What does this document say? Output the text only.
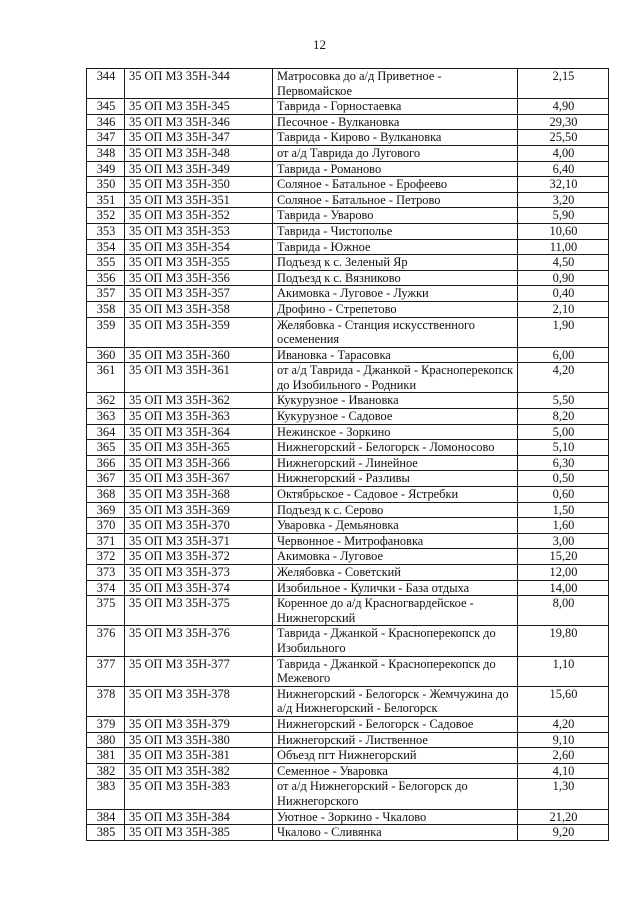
12
344	35 ОП МЗ 35Н-344	Матросовка до а/д Приветное - Первомайское	2,15
345	35 ОП МЗ 35Н-345	Таврида - Горностаевка	4,90
346	35 ОП МЗ 35Н-346	Песочное - Вулкановка	29,30
347	35 ОП МЗ 35Н-347	Таврида - Кирово - Вулкановка	25,50
348	35 ОП МЗ 35Н-348	от а/д Таврида до Лугового	4,00
349	35 ОП МЗ 35Н-349	Таврида - Романово	6,40
350	35 ОП МЗ 35Н-350	Соляное - Батальное - Ерофеево	32,10
351	35 ОП МЗ 35Н-351	Соляное - Батальное - Петрово	3,20
352	35 ОП МЗ 35Н-352	Таврида - Уварово	5,90
353	35 ОП МЗ 35Н-353	Таврида - Чистополье	10,60
354	35 ОП МЗ 35Н-354	Таврида - Южное	11,00
355	35 ОП МЗ 35Н-355	Подъезд к с. Зеленый Яр	4,50
356	35 ОП МЗ 35Н-356	Подъезд к с. Вязниково	0,90
357	35 ОП МЗ 35Н-357	Акимовка - Луговое - Лужки	0,40
358	35 ОП МЗ 35Н-358	Дрофино - Стрепетово	2,10
359	35 ОП МЗ 35Н-359	Желябовка - Станция искусственного осеменения	1,90
360	35 ОП МЗ 35Н-360	Ивановка - Тарасовка	6,00
361	35 ОП МЗ 35Н-361	от а/д Таврида - Джанкой - Красноперекопск до Изобильного - Родники	4,20
362	35 ОП МЗ 35Н-362	Кукурузное - Ивановка	5,50
363	35 ОП МЗ 35Н-363	Кукурузное - Садовое	8,20
364	35 ОП МЗ 35Н-364	Нежинское - Зоркино	5,00
365	35 ОП МЗ 35Н-365	Нижнегорский - Белогорск - Ломоносово	5,10
366	35 ОП МЗ 35Н-366	Нижнегорский - Линейное	6,30
367	35 ОП МЗ 35Н-367	Нижнегорский - Разливы	0,50
368	35 ОП МЗ 35Н-368	Октябрьское - Садовое - Ястребки	0,60
369	35 ОП МЗ 35Н-369	Подъезд к с. Серово	1,50
370	35 ОП МЗ 35Н-370	Уваровка - Демьяновка	1,60
371	35 ОП МЗ 35Н-371	Червонное - Митрофановка	3,00
372	35 ОП МЗ 35Н-372	Акимовка - Луговое	15,20
373	35 ОП МЗ 35Н-373	Желябовка - Советский	12,00
374	35 ОП МЗ 35Н-374	Изобильное - Кулички - База отдыха	14,00
375	35 ОП МЗ 35Н-375	Коренное до а/д Красногвардейское - Нижнегорский	8,00
376	35 ОП МЗ 35Н-376	Таврида - Джанкой - Красноперекопск до Изобильного	19,80
377	35 ОП МЗ 35Н-377	Таврида - Джанкой - Красноперекопск до Межевого	1,10
378	35 ОП МЗ 35Н-378	Нижнегорский - Белогорск - Жемчужина до а/д Нижнегорский - Белогорск	15,60
379	35 ОП МЗ 35Н-379	Нижнегорский - Белогорск - Садовое	4,20
380	35 ОП МЗ 35Н-380	Нижнегорский - Лиственное	9,10
381	35 ОП МЗ 35Н-381	Объезд пгт Нижнегорский	2,60
382	35 ОП МЗ 35Н-382	Семенное - Уваровка	4,10
383	35 ОП МЗ 35Н-383	от а/д Нижнегорский - Белогорск до Нижнегорского	1,30
384	35 ОП МЗ 35Н-384	Уютное - Зоркино - Чкалово	21,20
385	35 ОП МЗ 35Н-385	Чкалово - Сливянка	9,20
